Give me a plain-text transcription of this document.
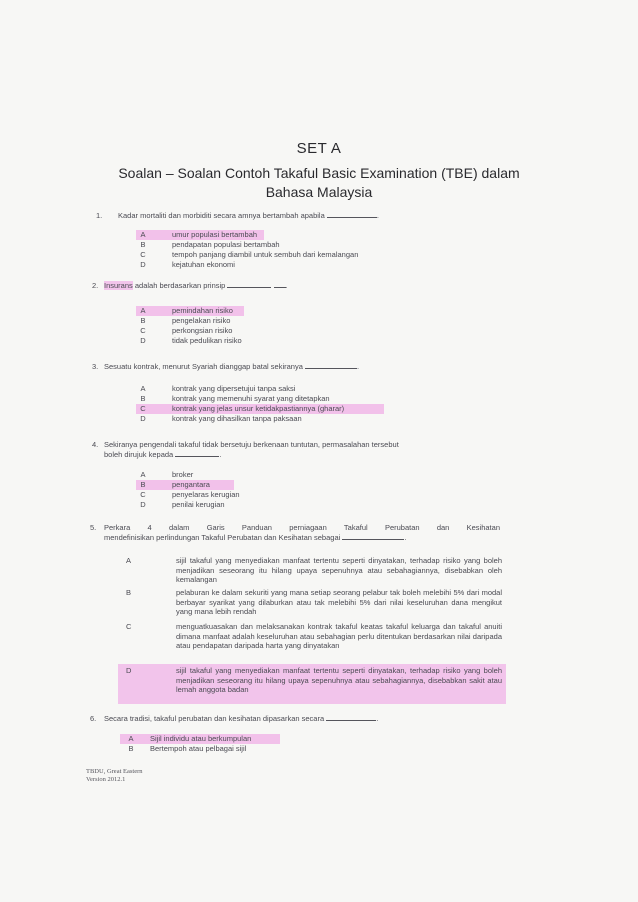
SET A
Soalan – Soalan Contoh Takaful Basic Examination (TBE) dalam
Bahasa Malaysia
1. Kadar mortaliti dan morbiditi secara amnya bertambah apabila	.
A	umur populasi bertambah
B	pendapatan populasi bertambah
C	tempoh panjang diambil untuk sembuh dari kemalangan
D	kejatuhan ekonomi
2. Insurans adalah berdasarkan prinsip	.
A	pemindahan risiko
B	pengelakan risiko
C	perkongsian risiko
D	tidak pedulikan risiko
3. Sesuatu kontrak, menurut Syariah dianggap batal sekiranya	.
A	kontrak yang dipersetujui tanpa saksi
B	kontrak yang memenuhi syarat yang ditetapkan
C	kontrak yang jelas unsur ketidakpastiannya (gharar)
D	kontrak yang dihasilkan tanpa paksaan
4. Sekiranya pengendali takaful tidak bersetuju berkenaan tuntutan, permasalahan tersebut
boleh dirujuk kepada	.
A	broker
B	pengantara
C	penyelaras kerugian
D	penilai kerugian
5. Perkara 4 dalam Garis Panduan perniagaan Takaful Perubatan dan Kesihatan
mendefinisikan perlindungan Takaful Perubatan dan Kesihatan sebagai	.
A	sijil takaful yang menyediakan manfaat tertentu seperti dinyatakan, terhadap risiko yang boleh menjadikan seseorang itu hilang upaya sepenuhnya atau sebahagiannya, disebabkan oleh kemalangan
B	pelaburan ke dalam sekuriti yang mana setiap seorang pelabur tak boleh melebihi 5% dari modal berbayar syarikat yang dilaburkan atau tak melebihi 5% dari nilai keseluruhan dana mengikut yang mana lebih rendah
C	menguatkuasakan dan melaksanakan kontrak takaful keatas takaful keluarga dan takaful anuiti dimana manfaat adalah keseluruhan atau sebahagian perlu ditentukan berdasarkan nilai daripada atau pendapatan daripada harta yang dinyatakan
D	sijil takaful yang menyediakan manfaat tertentu seperti dinyatakan, terhadap risiko yang boleh menjadikan seseorang itu hilang upaya sepenuhnya atau sebahagiannya, disebabkan sakit atau lemah anggota badan
6. Secara tradisi, takaful perubatan dan kesihatan dipasarkan secara	.
A	Sijil individu atau berkumpulan
B	Bertempoh atau pelbagai sijil
TBDU, Great Eastern
Version 2012.1
